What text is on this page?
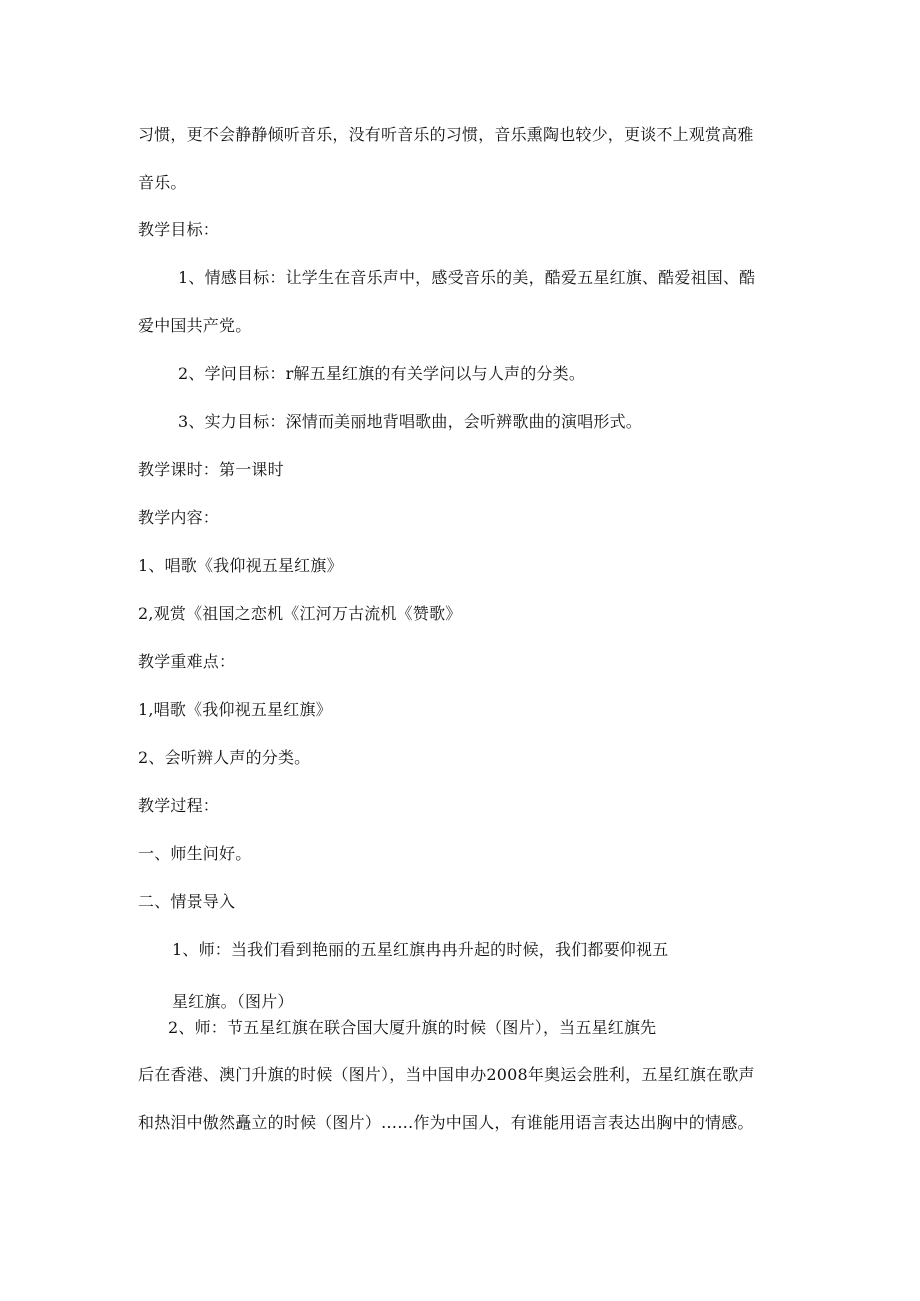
习惯，更不会静静倾听音乐，没有听音乐的习惯，音乐熏陶也较少，更谈不上观赏高雅
音乐。
教学目标：
1、情感目标：让学生在音乐声中，感受音乐的美，酷爱五星红旗、酷爱祖国、酷
爱中国共产党。
2、学问目标：r解五星红旗的有关学问以与人声的分类。
3、实力目标：深情而美丽地背唱歌曲，会听辨歌曲的演唱形式。
教学课时：第一课时
教学内容：
1、唱歌《我仰视五星红旗》
2,观赏《祖国之恋机《江河万古流机《赞歌》
教学重难点：
1,唱歌《我仰视五星红旗》
2、会听辨人声的分类。
教学过程：
一、师生问好。
二、情景导入
1、师：当我们看到艳丽的五星红旗冉冉升起的时候，我们都要仰视五
星红旗。（图片）
2、师：节五星红旗在联合国大厦升旗的时候（图片），当五星红旗先
后在香港、澳门升旗的时候（图片），当中国申办2008年奥运会胜利，五星红旗在歌声
和热泪中傲然矗立的时候（图片）……作为中国人，有谁能用语言表达出胸中的情感。
